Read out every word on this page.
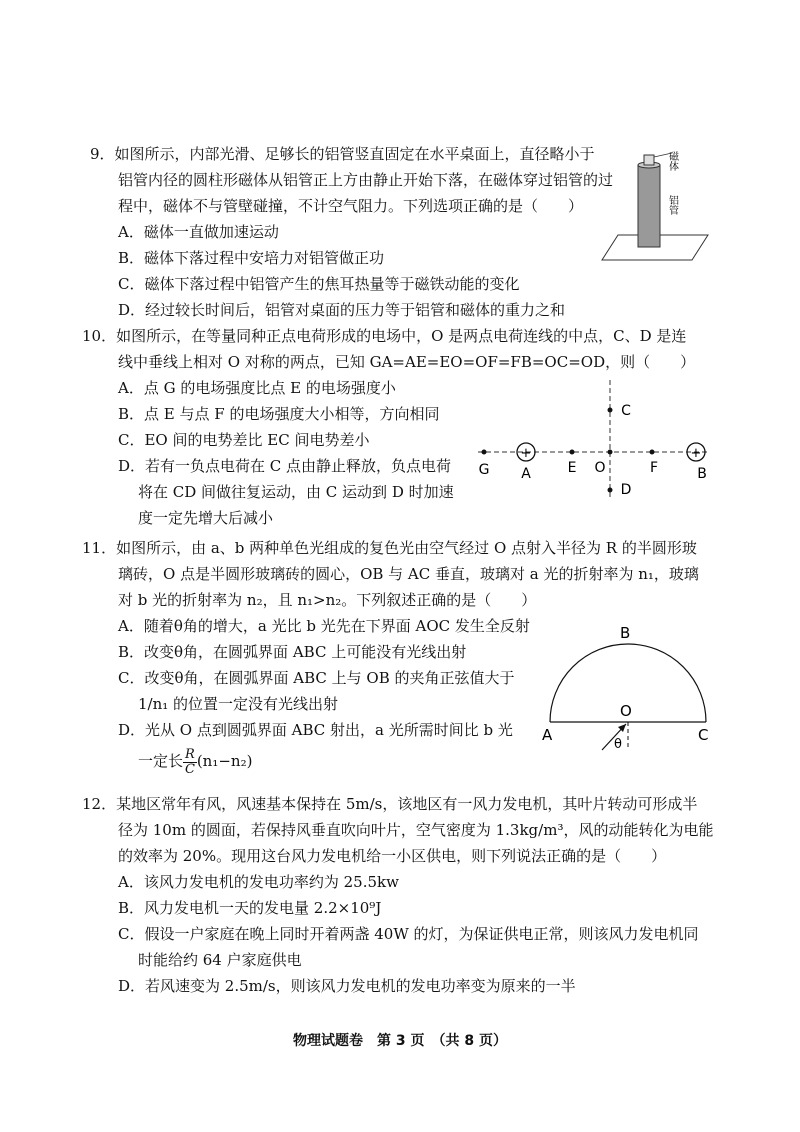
9．如图所示，内部光滑、足够长的铝管竖直固定在水平桌面上，直径略小于
铝管内径的圆柱形磁体从铝管正上方由静止开始下落，在磁体穿过铝管的过
程中，磁体不与管壁碰撞，不计空气阻力。下列选项正确的是（　　）
A．磁体一直做加速运动
B．磁体下落过程中安培力对铝管做正功
C．磁体下落过程中铝管产生的焦耳热量等于磁铁动能的变化
D．经过较长时间后，铝管对桌面的压力等于铝管和磁体的重力之和
磁体
铝管
10．如图所示，在等量同种正点电荷形成的电场中，O 是两点电荷连线的中点，C、D 是连
线中垂线上相对 O 对称的两点，已知 GA=AE=EO=OF=FB=OC=OD，则（　　）
A．点 G 的电场强度比点 E 的电场强度小
B．点 E 与点 F 的电场强度大小相等，方向相同
C．EO 间的电势差比 EC 间电势差小
D．若有一负点电荷在 C 点由静止释放，负点电荷
将在 CD 间做往复运动，由 C 运动到 D 时加速
度一定先增大后减小
+	+
G A	E O	F	B
C
D
11．如图所示，由 a、b 两种单色光组成的复色光由空气经过 O 点射入半径为 R 的半圆形玻
璃砖，O 点是半圆形玻璃砖的圆心，OB 与 AC 垂直，玻璃对 a 光的折射率为 n₁，玻璃
对 b 光的折射率为 n₂，且 n₁>n₂。下列叙述正确的是（　　）
A．随着θ角的增大，a 光比 b 光先在下界面 AOC 发生全反射
B．改变θ角，在圆弧界面 ABC 上可能没有光线出射
C．改变θ角，在圆弧界面 ABC 上与 OB 的夹角正弦值大于
1/n₁ 的位置一定没有光线出射
D．光从 O 点到圆弧界面 ABC 射出，a 光所需时间比 b 光
一定长 $\frac{R}{C} (n_1-n_2)$
B
A	C
O
θ
12．某地区常年有风，风速基本保持在 5m/s，该地区有一风力发电机，其叶片转动可形成半
径为 10m 的圆面，若保持风垂直吹向叶片，空气密度为 1.3kg/m³，风的动能转化为电能
的效率为 20%。现用这台风力发电机给一小区供电，则下列说法正确的是（　　）
A．该风力发电机的发电功率约为 25.5kw
B．风力发电机一天的发电量 2.2×10⁹J
C．假设一户家庭在晚上同时开着两盏 40W 的灯，为保证供电正常，则该风力发电机同
时能给约 64 户家庭供电
D．若风速变为 2.5m/s，则该风力发电机的发电功率变为原来的一半
物理试题卷　第 3 页　（共 8 页）
